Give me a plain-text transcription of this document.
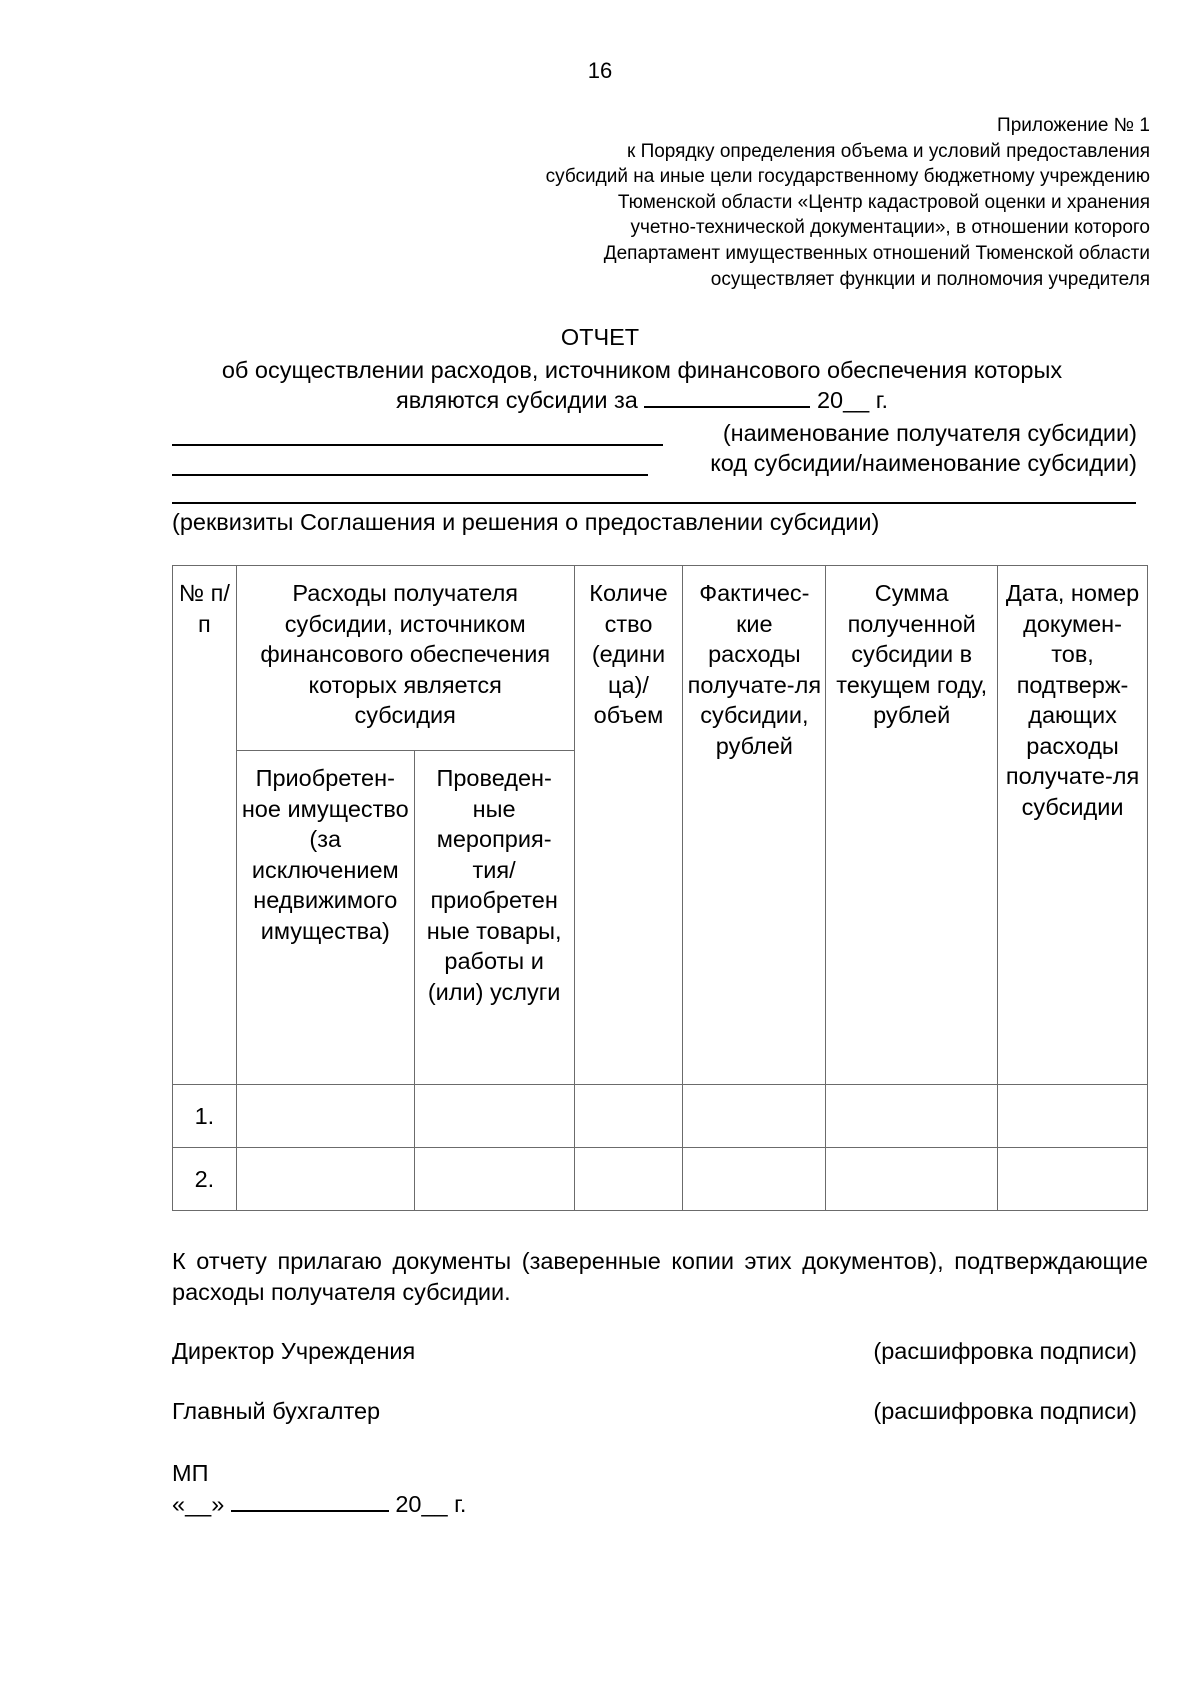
16
Приложение № 1
к Порядку определения объема и условий предоставления
субсидий на иные цели государственному бюджетному учреждению
Тюменской области «Центр кадастровой оценки и хранения
учетно-технической документации», в отношении которого
Департамент имущественных отношений Тюменской области
осуществляет функции и полномочия учредителя
ОТЧЕТ
об осуществлении расходов, источником финансового обеспечения которых
являются субсидии за	20__ г.
(наименование получателя субсидии)
код субсидии/наименование субсидии)
(реквизиты Соглашения и решения о предоставлении субсидии)
№ п/п	Расходы получателя субсидии, источником финансового обеспечения которых является субсидия		Количе ство (едини ца)/ объем	Фактичес-кие расходы получате-ля субсидии, рублей	Сумма полученной субсидии в текущем году, рублей	Дата, номер докумен-тов, подтверж-дающих расходы получате-ля субсидии
	Приобретен-ное имущество (за исключением недвижимого имущества)	Проведен-ные мероприя-тия/ приобретен ные товары, работы и (или) услуги				
1.						
2.						
К отчету прилагаю документы (заверенные копии этих документов), подтверждающие расходы получателя субсидии.
Директор Учреждения	(расшифровка подписи)
Главный бухгалтер	(расшифровка подписи)
МП
«__»	20__ г.
